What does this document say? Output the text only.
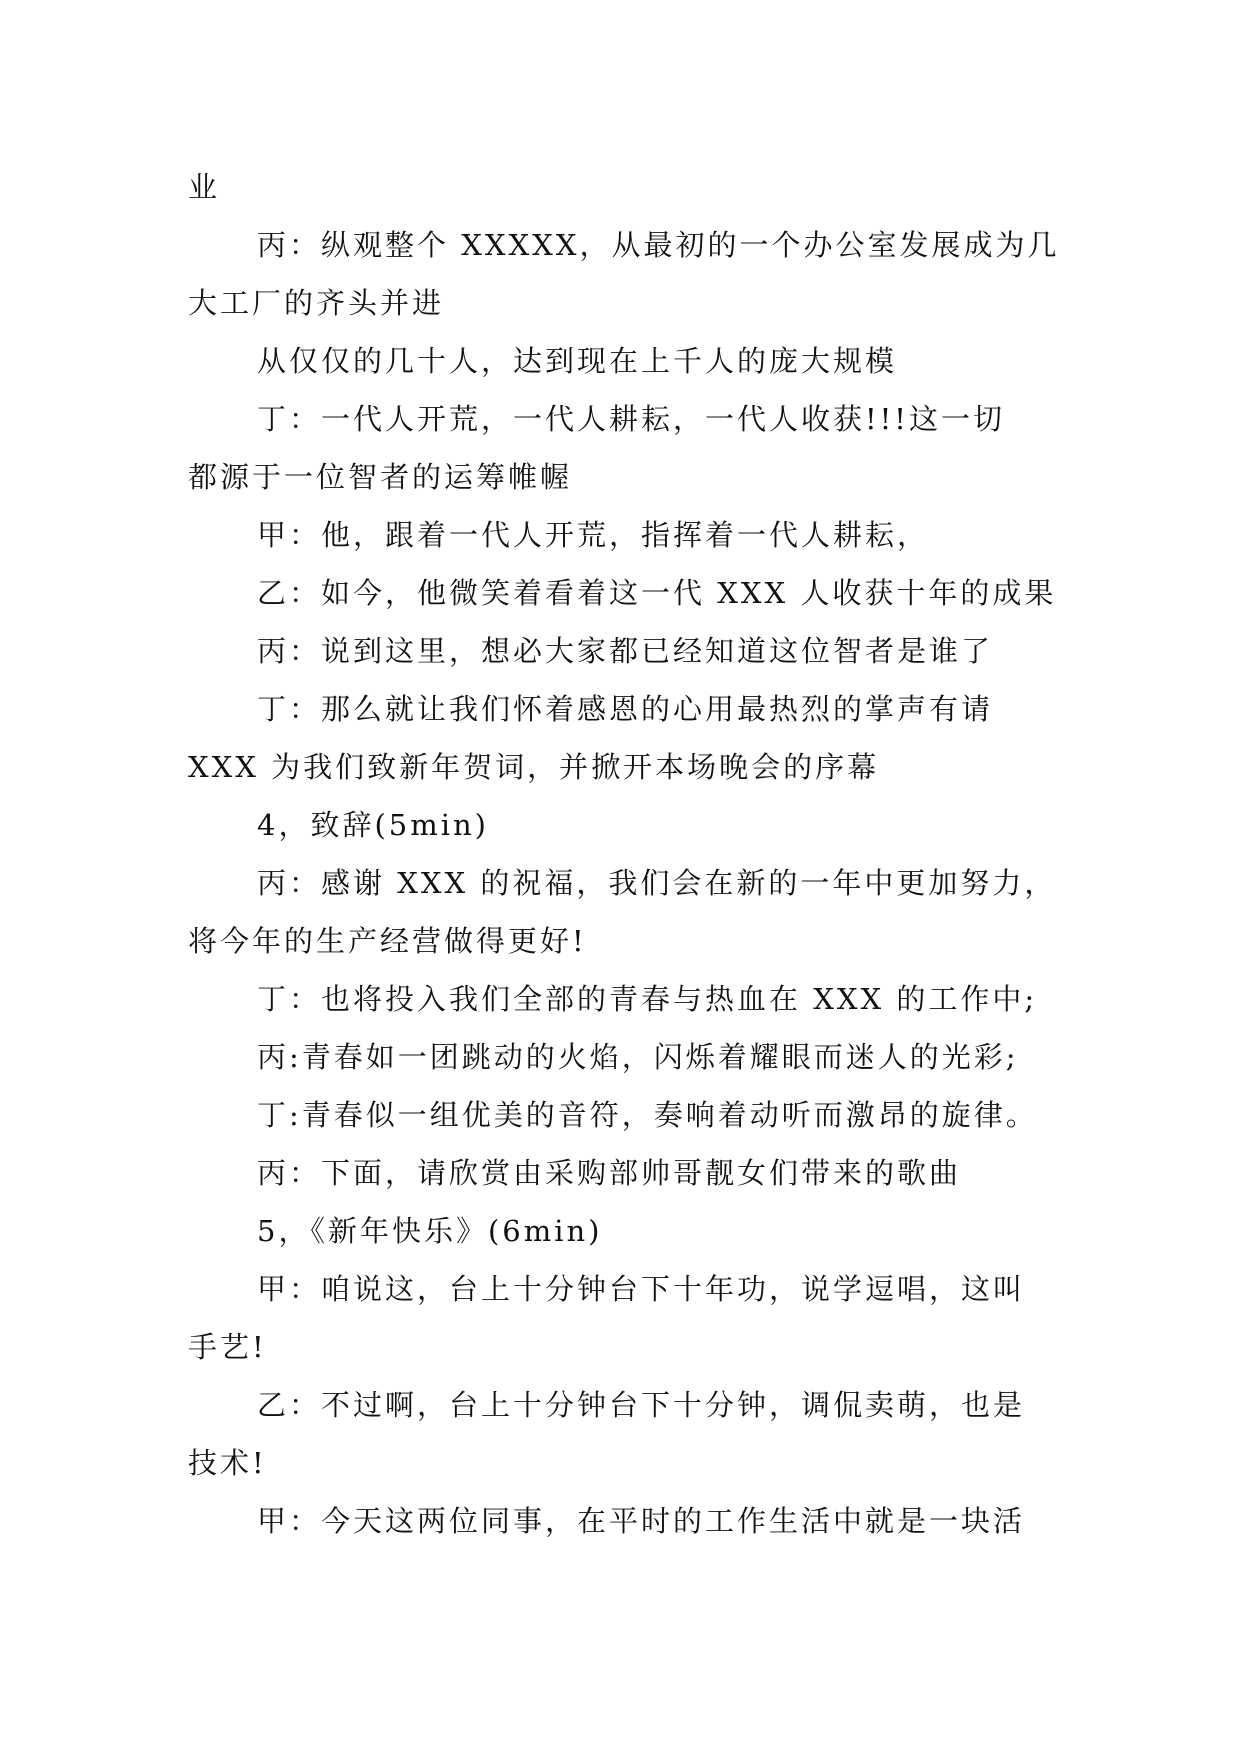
业
丙：纵观整个 XXXXX，从最初的一个办公室发展成为几
大工厂的齐头并进
从仅仅的几十人，达到现在上千人的庞大规模
丁：一代人开荒，一代人耕耘，一代人收获!!!这一切
都源于一位智者的运筹帷幄
甲：他，跟着一代人开荒，指挥着一代人耕耘，
乙：如今，他微笑着看着这一代 XXX 人收获十年的成果
丙：说到这里，想必大家都已经知道这位智者是谁了
丁：那么就让我们怀着感恩的心用最热烈的掌声有请
XXX 为我们致新年贺词，并掀开本场晚会的序幕
4，致辞(5min)
丙：感谢 XXX 的祝福，我们会在新的一年中更加努力，
将今年的生产经营做得更好!
丁：也将投入我们全部的青春与热血在 XXX 的工作中;
丙:青春如一团跳动的火焰，闪烁着耀眼而迷人的光彩;
丁:青春似一组优美的音符，奏响着动听而激昂的旋律。
丙：下面，请欣赏由采购部帅哥靓女们带来的歌曲
5，《新年快乐》(6min)
甲：咱说这，台上十分钟台下十年功，说学逗唱，这叫
手艺!
乙：不过啊，台上十分钟台下十分钟，调侃卖萌，也是
技术!
甲：今天这两位同事，在平时的工作生活中就是一块活
